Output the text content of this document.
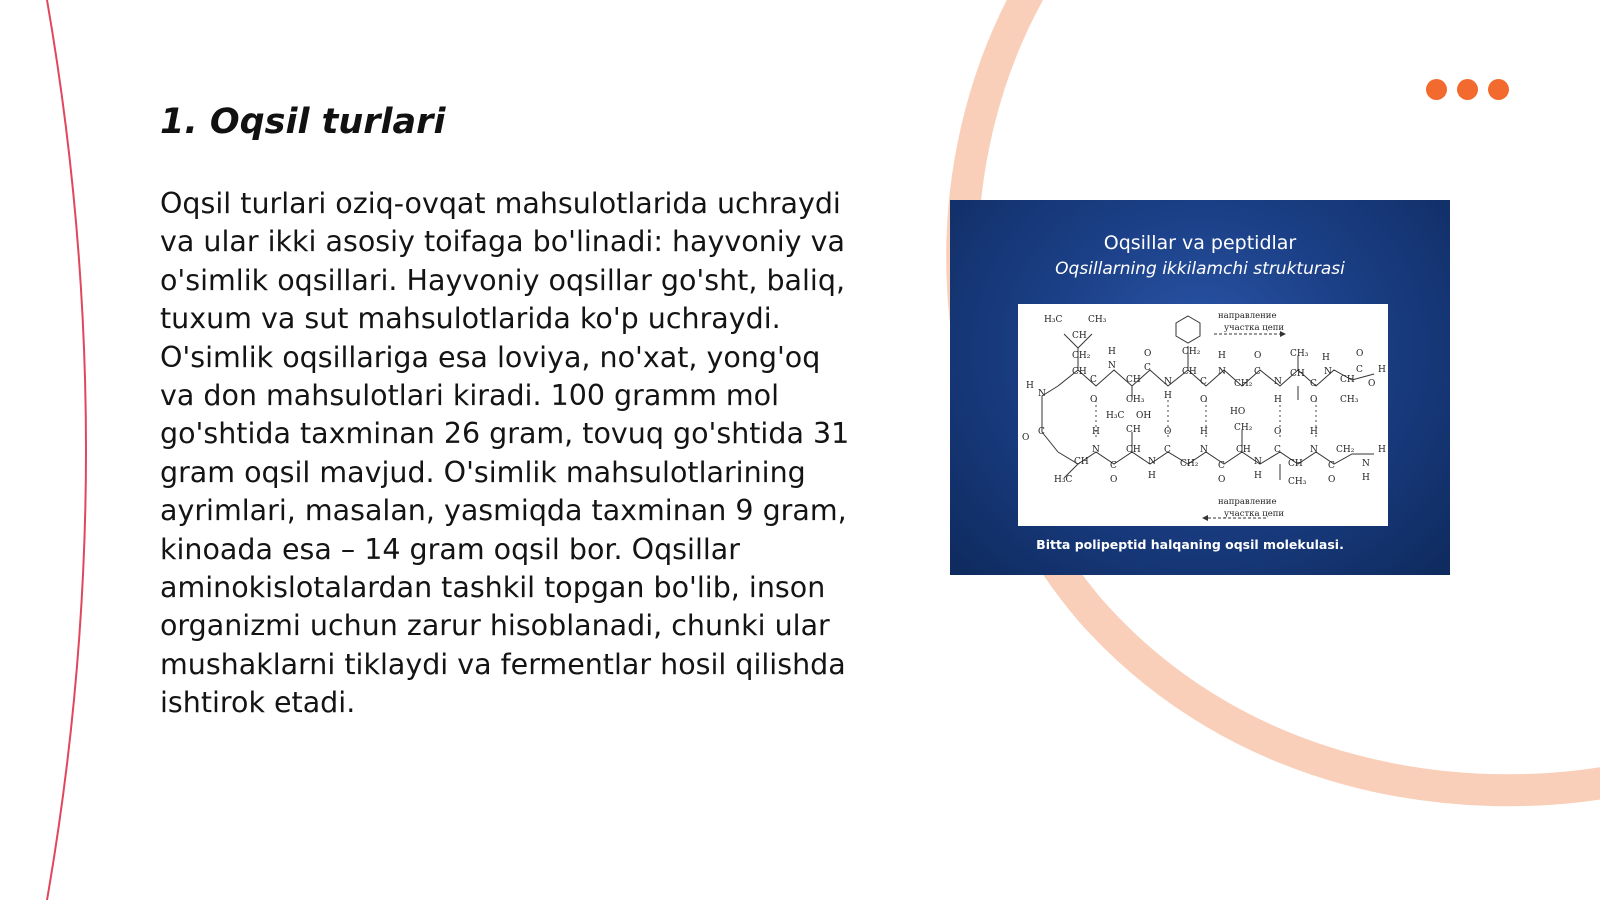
1. Oqsil turlari

Oqsil turlari oziq-ovqat mahsulotlarida uchraydi va ular ikki asosiy toifaga bo'linadi: hayvoniy va o'simlik oqsillari. Hayvoniy oqsillar go'sht, baliq, tuxum va sut mahsulotlarida ko'p uchraydi. O'simlik oqsillariga esa loviya, no'xat, yong'oq va don mahsulotlari kiradi. 100 gramm mol go'shtida taxminan 26 gram, tovuq go'shtida 31 gram oqsil mavjud. O'simlik mahsulotlarining ayrimlari, masalan, yasmiqda taxminan 9 gram, kinoada esa – 14 gram oqsil bor. Oqsillar aminokislotalardan tashkil topgan bo'lib, inson organizmi uchun zarur hisoblanadi, chunki ular mushaklarni tiklaydi va fermentlar hosil qilishda ishtirok etadi.

Oqsillar va peptidlar
Oqsillarning ikkilamchi strukturasi
H₃C	CH₃
CH
CH₂
CH
H
N
C
O
CH
CH₃
O
C
N
H
CH₂
CH
C
O
H
N
CH₂
O
C
N
H
CH₃
CH
C
O
H
N
CH
CH₃
O
C
O
H
H
N
O
C
H₃C OH
CH
HO
CH₂
H
N
O
C
H
N
O
C
H
N
CH	CH
CH C
O
N
H
CH₂ C
O
N
H
CH
CH₃
C
O
CH₂
N
H
H
H₃C
направление
участка цепи
направление
участка цепи
Bitta polipeptid halqaning oqsil molekulasi.
